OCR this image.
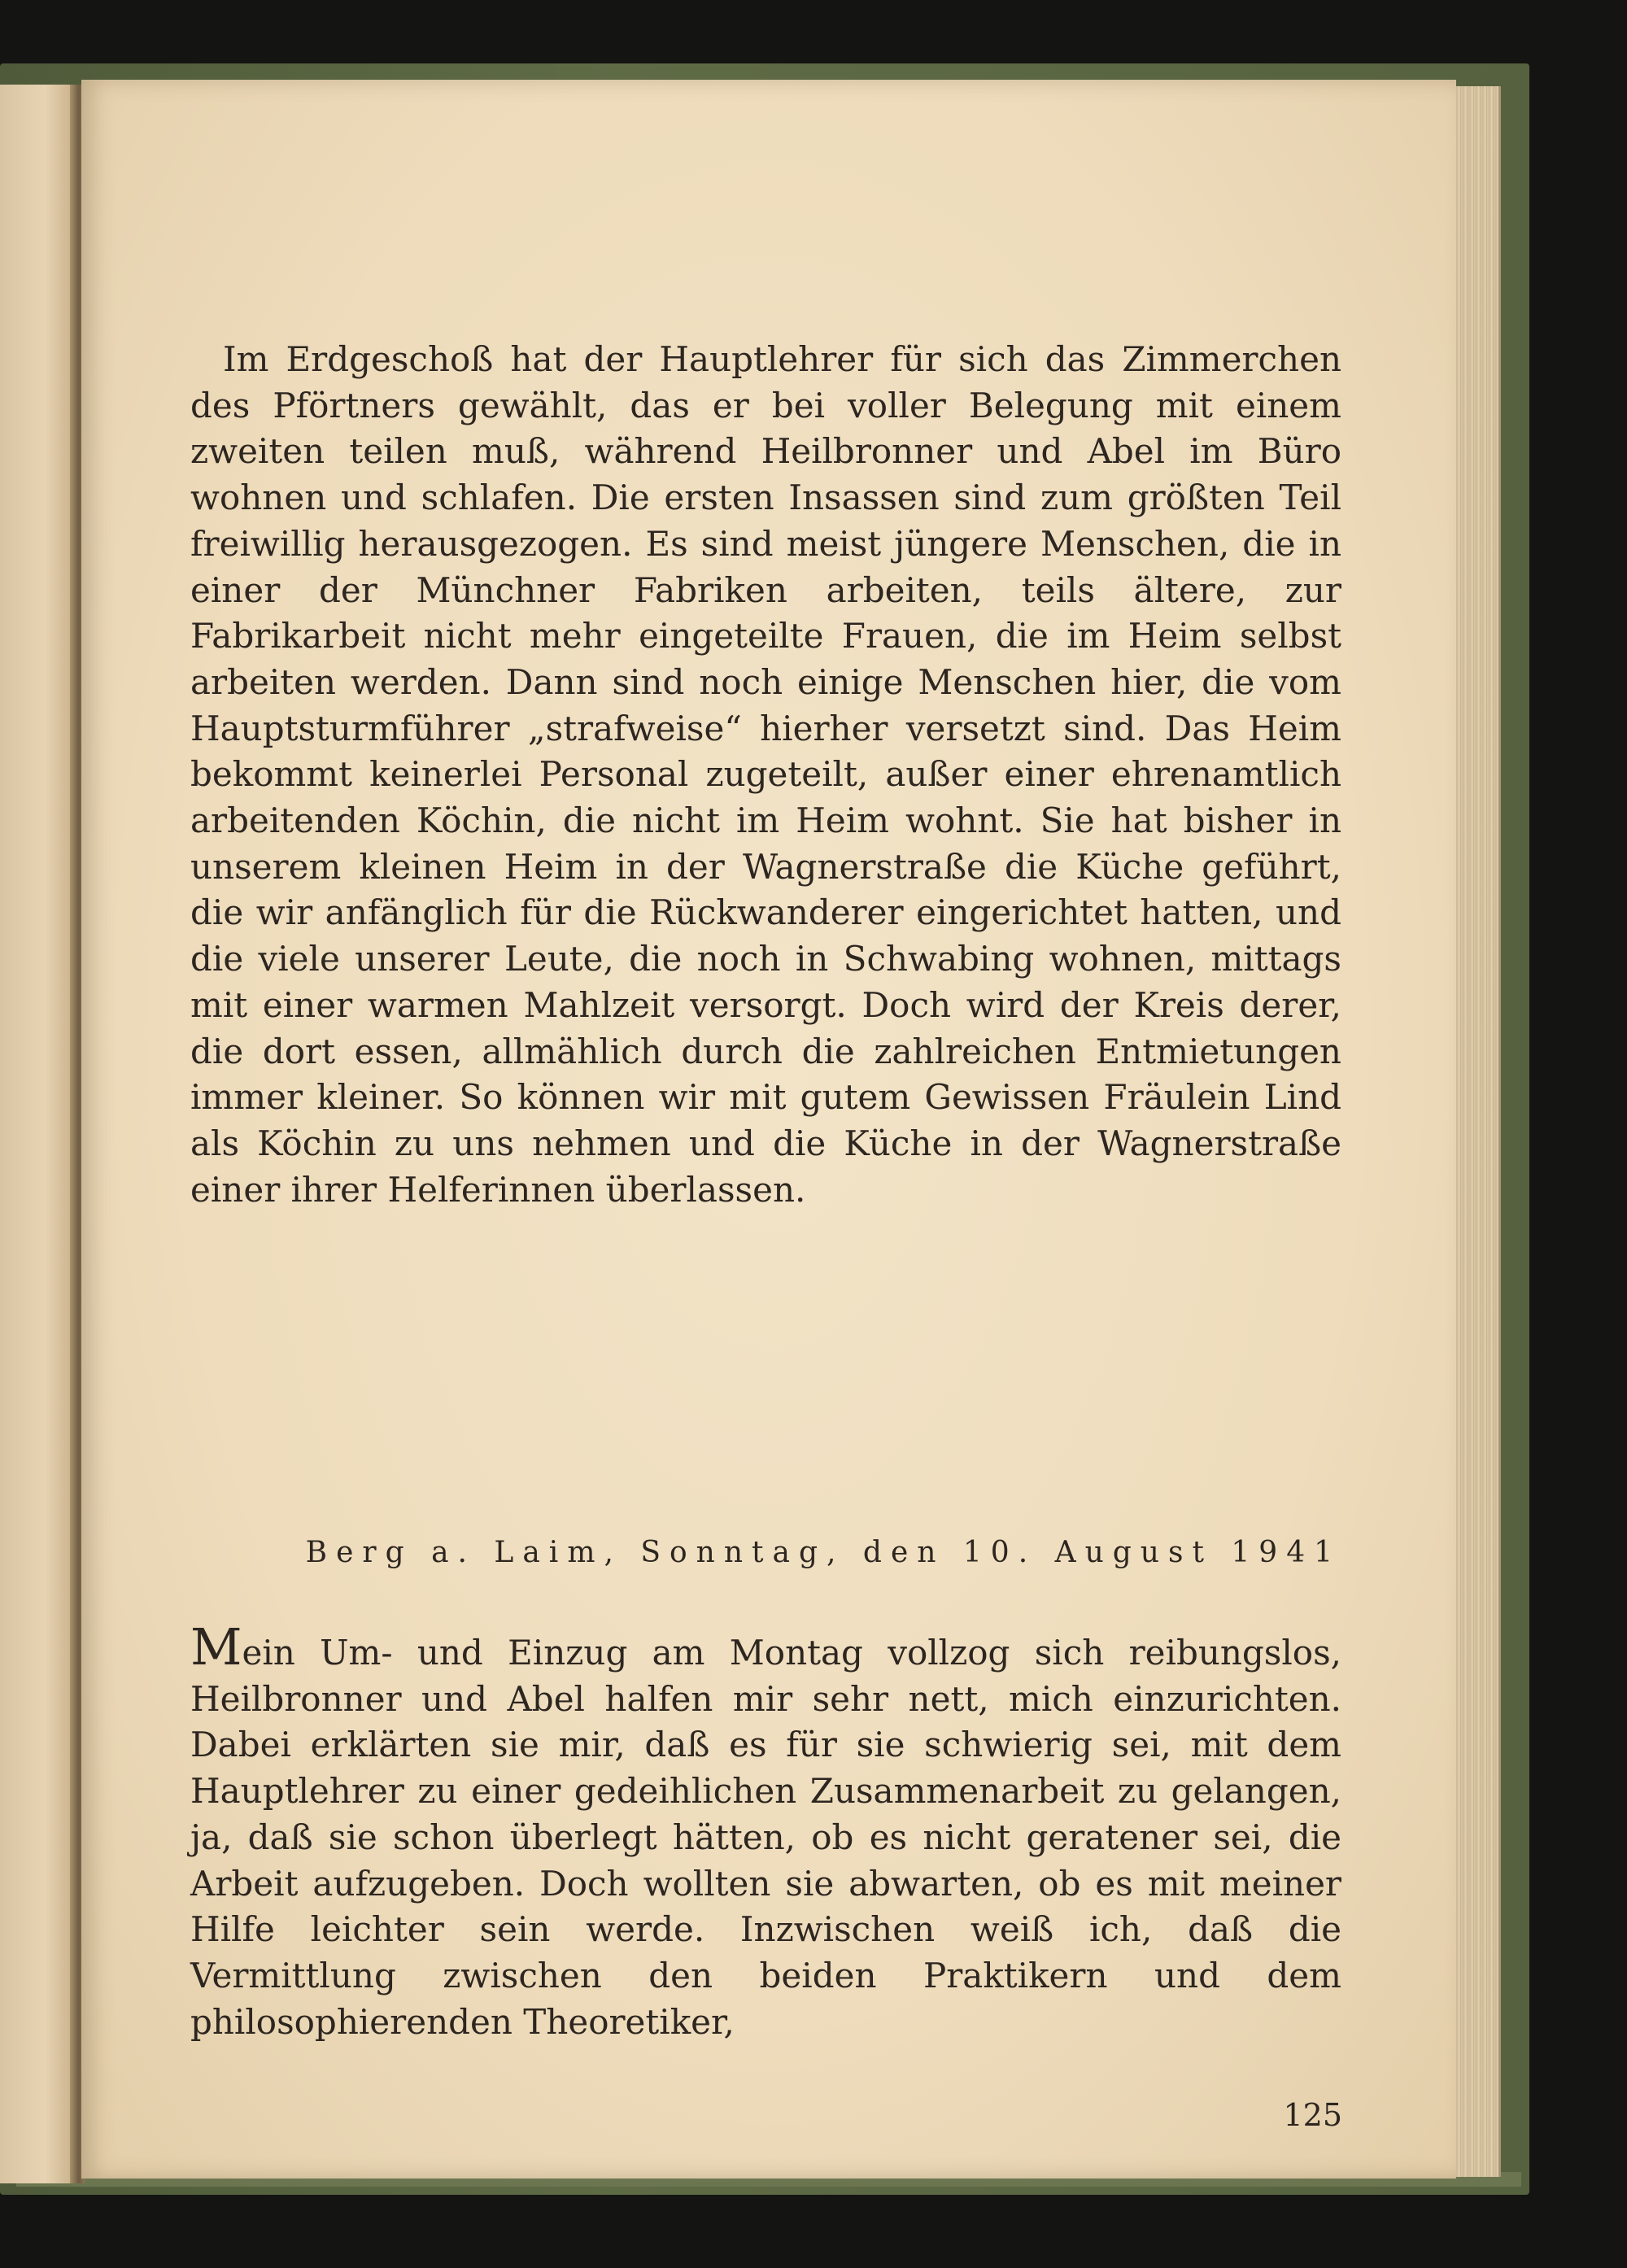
Im Erdgeschoß hat der Hauptlehrer für sich das Zimmerchen des Pförtners gewählt, das er bei voller Belegung mit einem zweiten teilen muß, während Heilbronner und Abel im Büro wohnen und schlafen. Die ersten Insassen sind zum größten Teil freiwillig herausgezogen. Es sind meist jüngere Menschen, die in einer der Münchner Fabriken arbeiten, teils ältere, zur Fabrikarbeit nicht mehr eingeteilte Frauen, die im Heim selbst arbeiten werden. Dann sind noch einige Menschen hier, die vom Hauptsturmführer „strafweise“ hierher versetzt sind. Das Heim bekommt keinerlei Personal zugeteilt, außer einer ehrenamtlich arbeitenden Köchin, die nicht im Heim wohnt. Sie hat bisher in unserem kleinen Heim in der Wagnerstraße die Küche geführt, die wir anfänglich für die Rückwanderer eingerichtet hatten, und die viele unserer Leute, die noch in Schwabing wohnen, mittags mit einer warmen Mahlzeit versorgt. Doch wird der Kreis derer, die dort essen, allmählich durch die zahlreichen Entmietungen immer kleiner. So können wir mit gutem Gewissen Fräulein Lind als Köchin zu uns nehmen und die Küche in der Wagnerstraße einer ihrer Helferinnen überlassen.

Berg a. Laim, Sonntag, den 10. August 1941

Mein Um- und Einzug am Montag vollzog sich reibungslos, Heilbronner und Abel halfen mir sehr nett, mich einzurichten. Dabei erklärten sie mir, daß es für sie schwierig sei, mit dem Hauptlehrer zu einer gedeihlichen Zusammenarbeit zu gelangen, ja, daß sie schon überlegt hätten, ob es nicht geratener sei, die Arbeit aufzugeben. Doch wollten sie abwarten, ob es mit meiner Hilfe leichter sein werde. Inzwischen weiß ich, daß die Vermittlung zwischen den beiden Praktikern und dem philosophierenden Theoretiker,

125
